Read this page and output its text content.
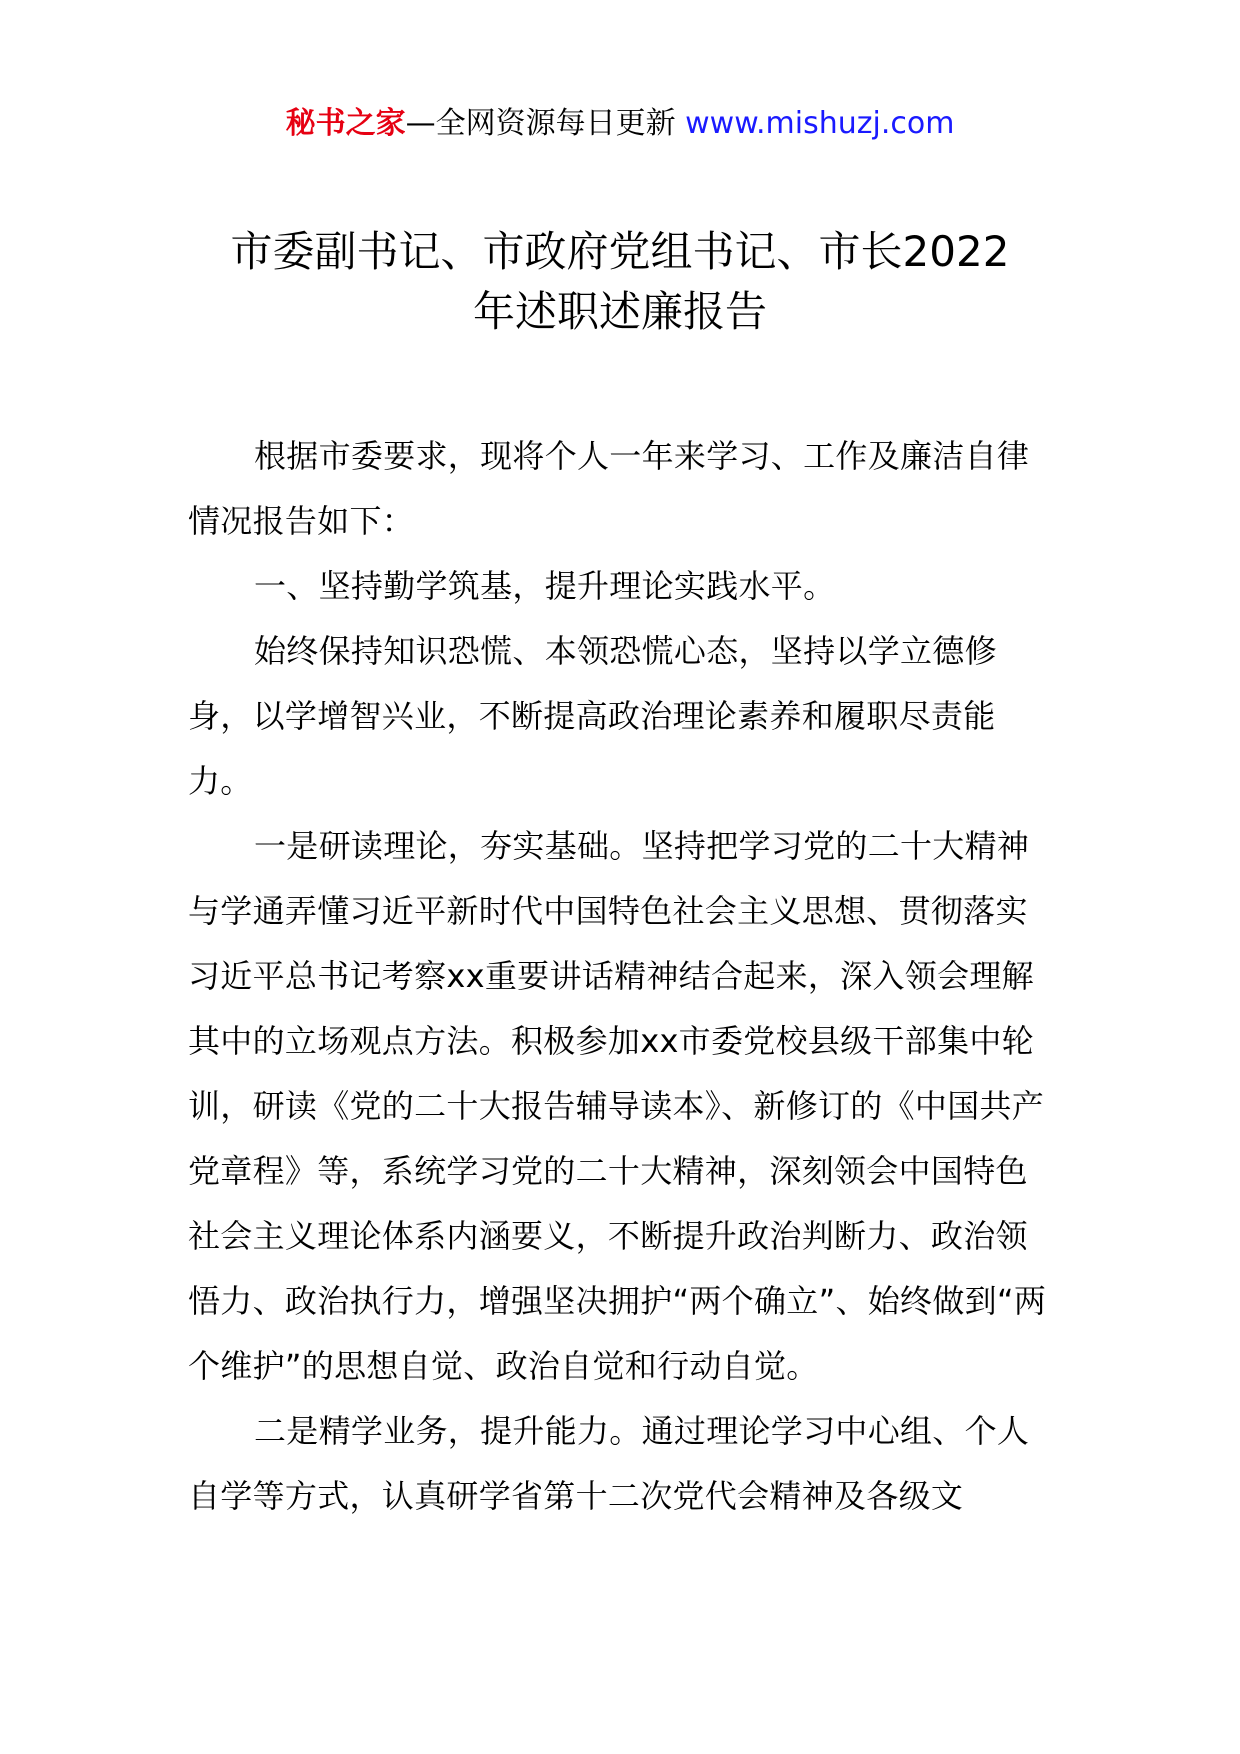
秘书之家—全网资源每日更新 www.mishuzj.com
市委副书记、市政府党组书记、市长2022
年述职述廉报告

根据市委要求，现将个人一年来学习、工作及廉洁自律情况报告如下：

一、坚持勤学筑基，提升理论实践水平。

始终保持知识恐慌、本领恐慌心态，坚持以学立德修身，以学增智兴业，不断提高政治理论素养和履职尽责能力。

一是研读理论，夯实基础。坚持把学习党的二十大精神与学通弄懂习近平新时代中国特色社会主义思想、贯彻落实习近平总书记考察xx重要讲话精神结合起来，深入领会理解其中的立场观点方法。积极参加xx市委党校县级干部集中轮训，研读《党的二十大报告辅导读本》、新修订的《中国共产党章程》等，系统学习党的二十大精神，深刻领会中国特色社会主义理论体系内涵要义，不断提升政治判断力、政治领悟力、政治执行力，增强坚决拥护“两个确立”、始终做到“两个维护”的思想自觉、政治自觉和行动自觉。

二是精学业务，提升能力。通过理论学习中心组、个人自学等方式，认真研学省第十二次党代会精神及各级文
